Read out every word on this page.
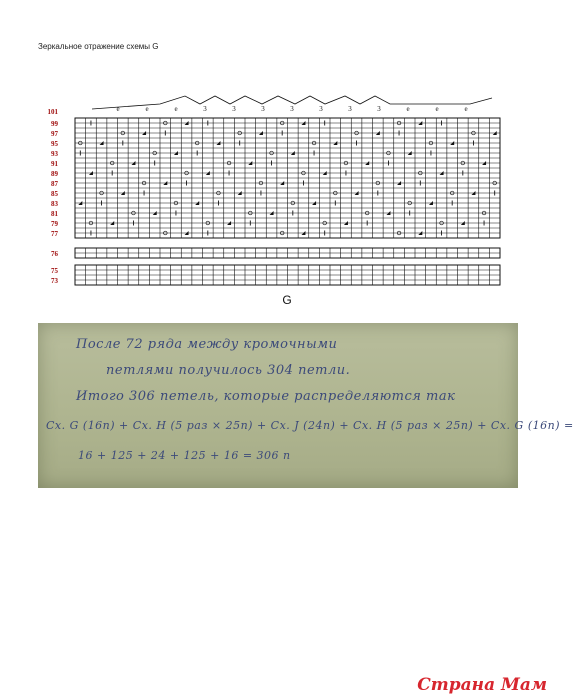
Зеркальное отражение схемы G
101	e	e	e	3	3	3	3	3	3	3	e	e	e
99
97
95
93
91
89
87
85
83
81
79
77
76
75
73
G
После 72 ряда между кромочными
петлями получилось 304 петли.
Итого 306 петель, которые распределяются так
Сх. G (16п) + Сх. H (5 раз × 25п) + Сх. J (24п) + Сх. H (5 раз × 25п) + Сх. G (16п) =
16 + 125 + 24 + 125 + 16 = 306 п
Страна Мам
